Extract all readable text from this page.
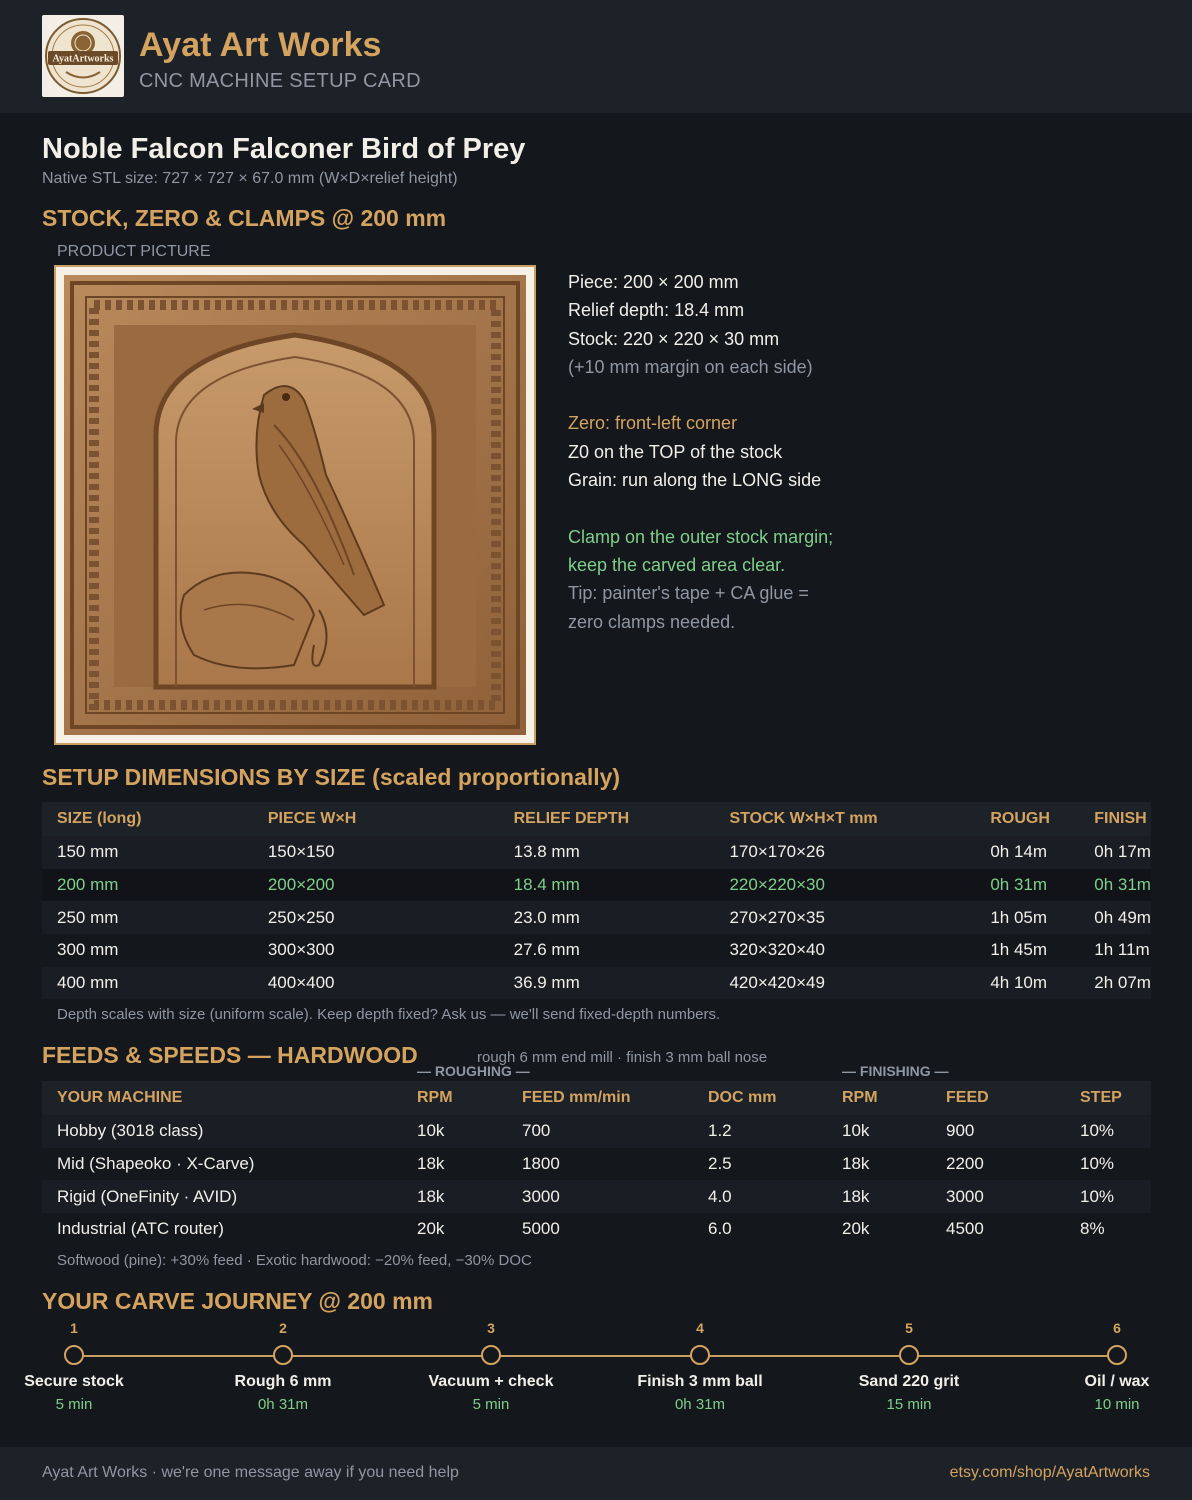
AyatArtworks Ayat Art Works
CNC MACHINE SETUP CARD
Noble Falcon Falconer Bird of Prey
Native STL size: 727 × 727 × 67.0 mm (W×D×relief height)
STOCK, ZERO & CLAMPS @ 200 mm
PRODUCT PICTURE
Piece: 200 × 200 mm
Relief depth: 18.4 mm
Stock: 220 × 220 × 30 mm
(+10 mm margin on each side)
Zero: front-left corner
Z0 on the TOP of the stock
Grain: run along the LONG side
Clamp on the outer stock margin;
keep the carved area clear.
Tip: painter's tape + CA glue =
zero clamps needed.
SETUP DIMENSIONS BY SIZE (scaled proportionally)
SIZE (long)	PIECE W×H	RELIEF DEPTH	STOCK W×H×T mm	ROUGH	FINISH
150 mm	150×150	13.8 mm	170×170×26	0h 14m	0h 17m
200 mm	200×200	18.4 mm	220×220×30	0h 31m	0h 31m
250 mm	250×250	23.0 mm	270×270×35	1h 05m	0h 49m
300 mm	300×300	27.6 mm	320×320×40	1h 45m	1h 11m
400 mm	400×400	36.9 mm	420×420×49	4h 10m	2h 07m
Depth scales with size (uniform scale). Keep depth fixed? Ask us — we'll send fixed-depth numbers.
FEEDS & SPEEDS — HARDWOOD	rough 6 mm end mill · finish 3 mm ball nose
— ROUGHING —	— FINISHING —
YOUR MACHINE	RPM	FEED mm/min	DOC mm	RPM	FEED	STEP
Hobby (3018 class)	10k	700	1.2	10k	900	10%
Mid (Shapeoko · X-Carve)	18k	1800	2.5	18k	2200	10%
Rigid (OneFinity · AVID)	18k	3000	4.0	18k	3000	10%
Industrial (ATC router)	20k	5000	6.0	20k	4500	8%
Softwood (pine): +30% feed · Exotic hardwood: −20% feed, −30% DOC
YOUR CARVE JOURNEY @ 200 mm
1
Secure stock
5 min
2
Rough 6 mm
0h 31m
3
Vacuum + check
5 min
4
Finish 3 mm ball
0h 31m
5
Sand 220 grit
15 min
6
Oil / wax
10 min
Ayat Art Works · we're one message away if you need help	etsy.com/shop/AyatArtworks
